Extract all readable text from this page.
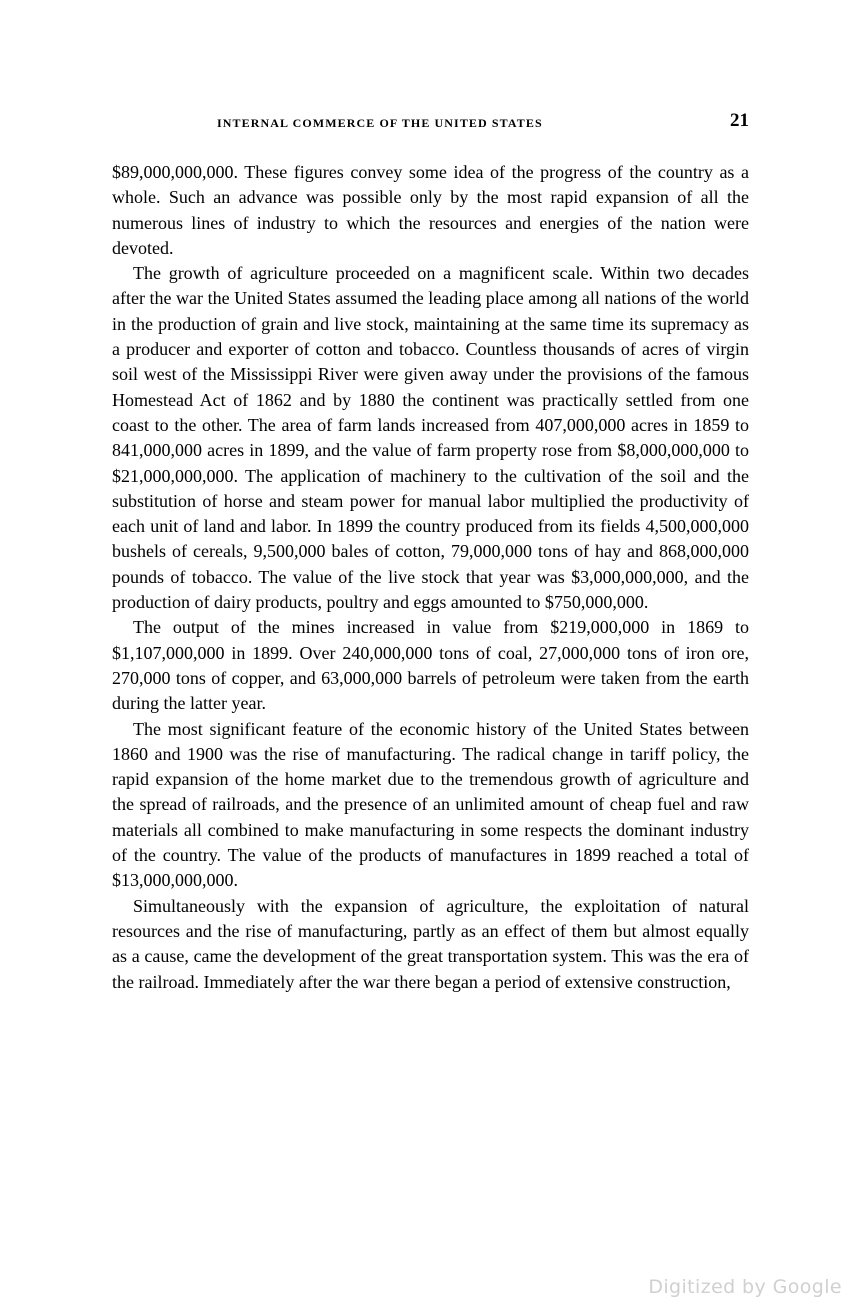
INTERNAL COMMERCE OF THE UNITED STATES	21

$89,000,000,000. These figures convey some idea of the progress of the country as a whole. Such an advance was possible only by the most rapid expansion of all the numerous lines of industry to which the resources and energies of the nation were devoted.

The growth of agriculture proceeded on a magnificent scale. Within two decades after the war the United States assumed the leading place among all nations of the world in the production of grain and live stock, maintaining at the same time its supremacy as a producer and exporter of cotton and tobacco. Countless thousands of acres of virgin soil west of the Mississippi River were given away under the provisions of the famous Homestead Act of 1862 and by 1880 the continent was practically settled from one coast to the other. The area of farm lands increased from 407,000,000 acres in 1859 to 841,000,000 acres in 1899, and the value of farm property rose from $8,000,000,000 to $21,000,000,000. The application of machinery to the cultivation of the soil and the substitution of horse and steam power for manual labor multiplied the productivity of each unit of land and labor. In 1899 the country produced from its fields 4,500,000,000 bushels of cereals, 9,500,000 bales of cotton, 79,000,000 tons of hay and 868,000,000 pounds of tobacco. The value of the live stock that year was $3,000,000,000, and the production of dairy products, poultry and eggs amounted to $750,000,000.

The output of the mines increased in value from $219,000,000 in 1869 to $1,107,000,000 in 1899. Over 240,000,000 tons of coal, 27,000,000 tons of iron ore, 270,000 tons of copper, and 63,000,000 barrels of petroleum were taken from the earth during the latter year.

The most significant feature of the economic history of the United States between 1860 and 1900 was the rise of manufacturing. The radical change in tariff policy, the rapid expansion of the home market due to the tremendous growth of agriculture and the spread of railroads, and the presence of an unlimited amount of cheap fuel and raw materials all combined to make manufacturing in some respects the dominant industry of the country. The value of the products of manufactures in 1899 reached a total of $13,000,000,000.

Simultaneously with the expansion of agriculture, the exploitation of natural resources and the rise of manufacturing, partly as an effect of them but almost equally as a cause, came the development of the great transportation system. This was the era of the railroad. Immediately after the war there began a period of extensive construction,

Digitized by Google
